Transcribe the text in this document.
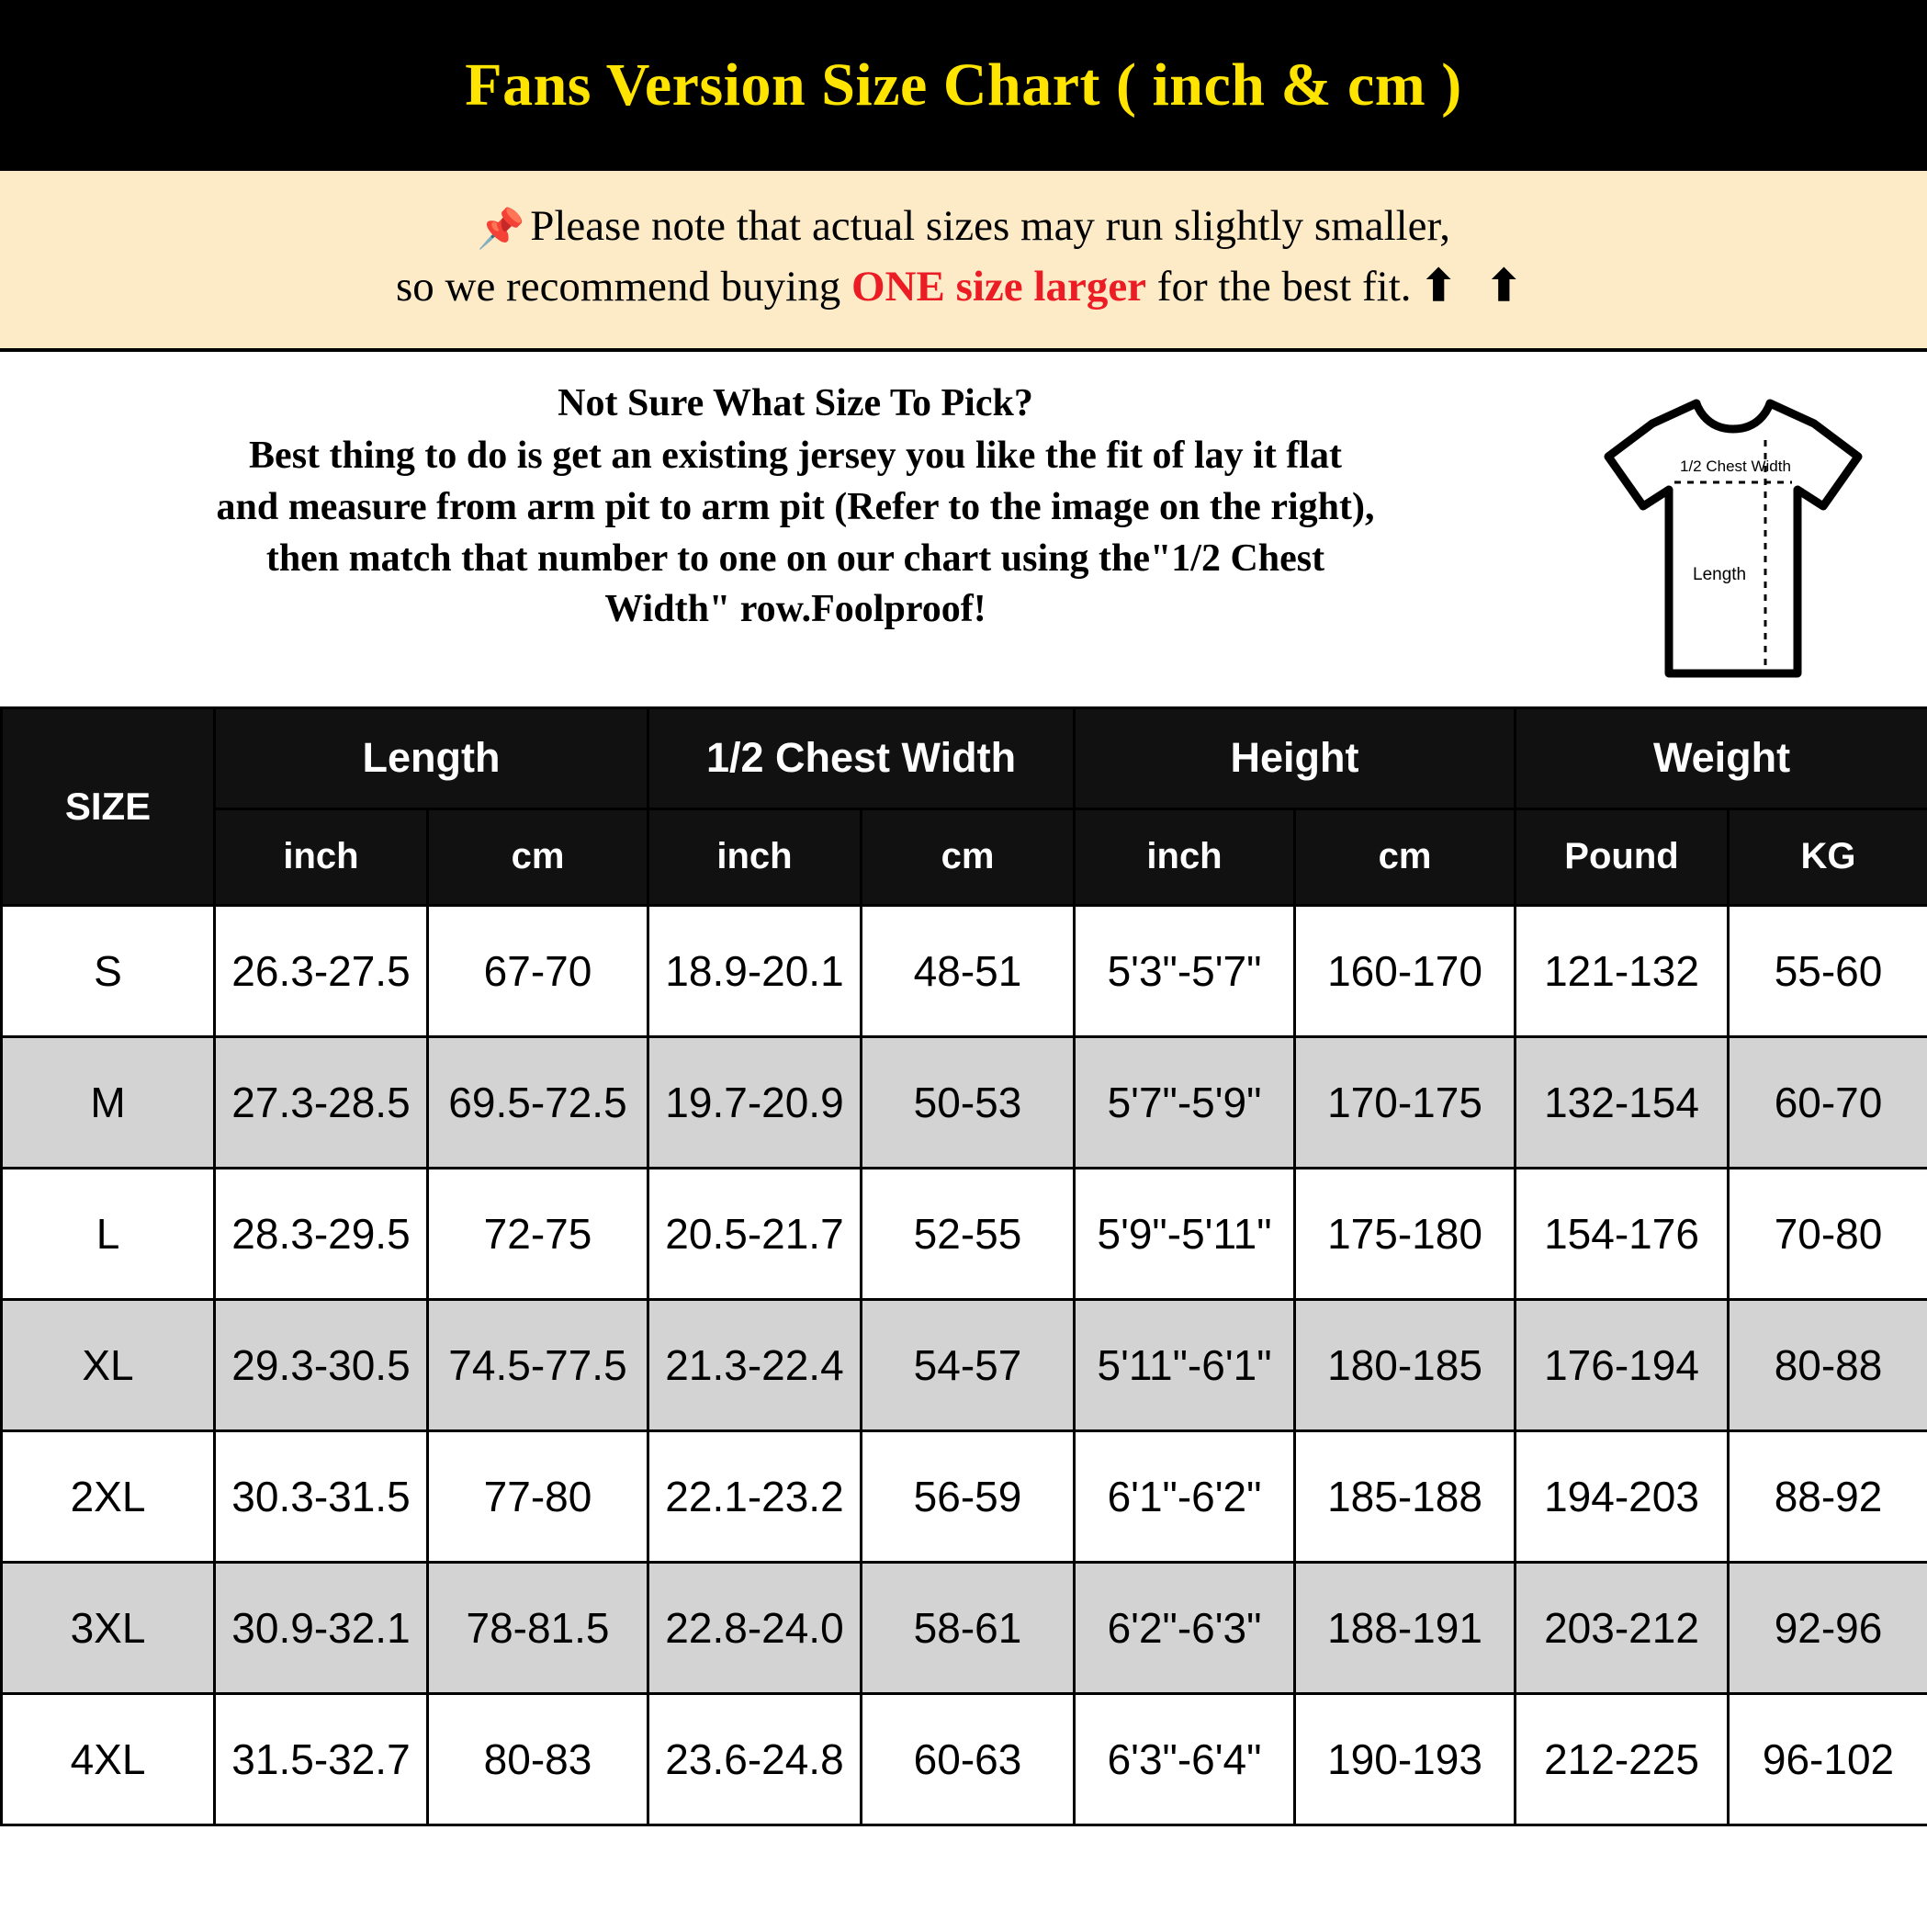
Fans Version Size Chart ( inch & cm )
📌 Please note that actual sizes may run slightly smaller,
so we recommend buying ONE size larger for the best fit. ⬆ ⬆
Not Sure What Size To Pick?
Best thing to do is get an existing jersey you like the fit of lay it flat
and measure from arm pit to arm pit (Refer to the image on the right),
then match that number to one on our chart using the"1/2 Chest
Width" row.Foolproof!
1/2 Chest Width
Length
SIZE	Length		1/2 Chest Width		Height		Weight	
	inch	cm	inch	cm	inch	cm	Pound	KG
S	26.3-27.5	67-70	18.9-20.1	48-51	5'3"-5'7"	160-170	121-132	55-60
M	27.3-28.5	69.5-72.5	19.7-20.9	50-53	5'7"-5'9"	170-175	132-154	60-70
L	28.3-29.5	72-75	20.5-21.7	52-55	5'9"-5'11"	175-180	154-176	70-80
XL	29.3-30.5	74.5-77.5	21.3-22.4	54-57	5'11"-6'1"	180-185	176-194	80-88
2XL	30.3-31.5	77-80	22.1-23.2	56-59	6'1"-6'2"	185-188	194-203	88-92
3XL	30.9-32.1	78-81.5	22.8-24.0	58-61	6'2"-6'3"	188-191	203-212	92-96
4XL	31.5-32.7	80-83	23.6-24.8	60-63	6'3"-6'4"	190-193	212-225	96-102
